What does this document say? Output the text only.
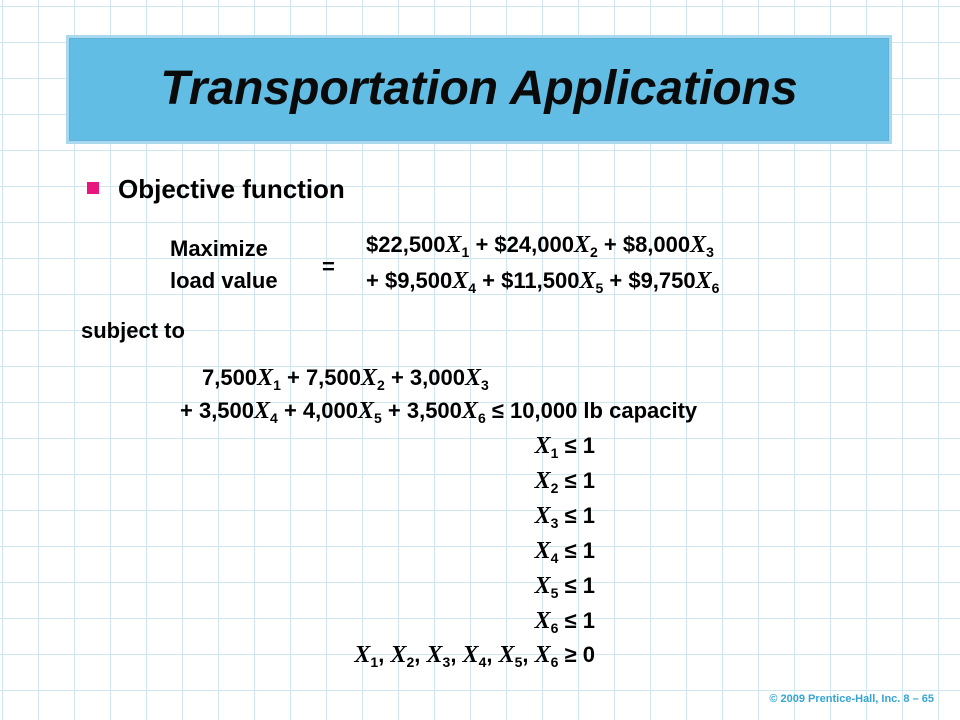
Transportation Applications
Objective function
Maximize
load value
=
$\$22,500X_1$ + $\$24,000X_2$ + $\$8,000X_3$
+ $\$9,500X_4$ + $\$11,500X_5$ + $\$9,750X_6$
subject to
$7,500X_1 + 7,500X_2 + 3,000X_3$
+ $3,500X_4 + 4,000X_5 + 3,500X_6 \le 10,000$ lb capacity
$X_1 \le 1$
$X_2 \le 1$
$X_3 \le 1$
$X_4 \le 1$
$X_5 \le 1$
$X_6 \le 1$
$X_1$, $X_2$, $X_3$, $X_4$, $X_5$, $X_6 \ge 0$
© 2009 Prentice-Hall, Inc. 8 – 65
